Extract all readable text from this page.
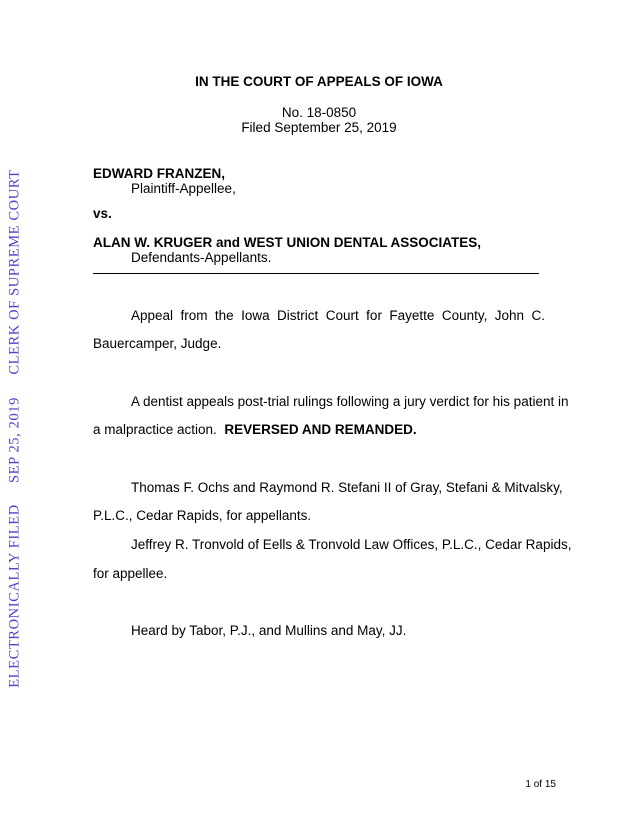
CLERK OF SUPREME COURT
SEP 25, 2019
ELECTRONICALLY FILED
IN THE COURT OF APPEALS OF IOWA
No. 18-0850
Filed September 25, 2019
EDWARD FRANZEN,
Plaintiff-Appellee,
vs.
ALAN W. KRUGER and WEST UNION DENTAL ASSOCIATES,
Defendants-Appellants.
Appeal from the Iowa District Court for Fayette County, John C.
Bauercamper, Judge.
A dentist appeals post-trial rulings following a jury verdict for his patient in
a malpractice action. REVERSED AND REMANDED.
Thomas F. Ochs and Raymond R. Stefani II of Gray, Stefani & Mitvalsky,
P.L.C., Cedar Rapids, for appellants.
Jeffrey R. Tronvold of Eells & Tronvold Law Offices, P.L.C., Cedar Rapids,
for appellee.
Heard by Tabor, P.J., and Mullins and May, JJ.
1 of 15
